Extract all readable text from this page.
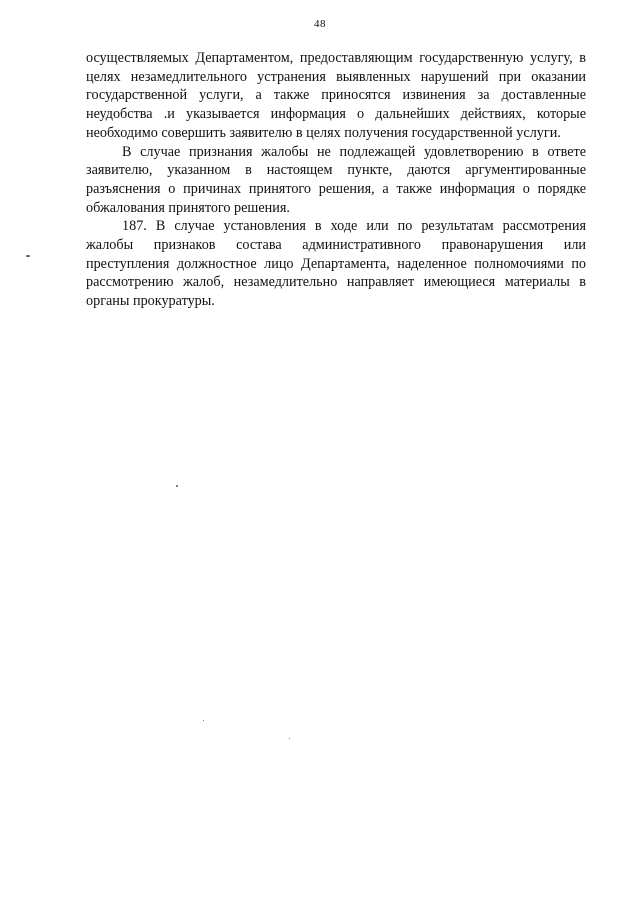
48

осуществляемых Департаментом, предоставляющим государственную услугу, в целях незамедлительного устранения выявленных нарушений при оказании государственной услуги, а также приносятся извинения за доставленные неудобства .и указывается информация о дальнейших действиях, которые необходимо совершить заявителю в целях получения государственной услуги.

В случае признания жалобы не подлежащей удовлетворению в ответе заявителю, указанном в настоящем пункте, даются аргументированные разъяснения о причинах принятого решения, а также информация о порядке обжалования принятого решения.

187. В случае установления в ходе или по результатам рассмотрения жалобы признаков состава административного правонарушения или преступления должностное лицо Департамента, наделенное полномочиями по рассмотрению жалоб, незамедлительно направляет имеющиеся материалы в органы прокуратуры.
